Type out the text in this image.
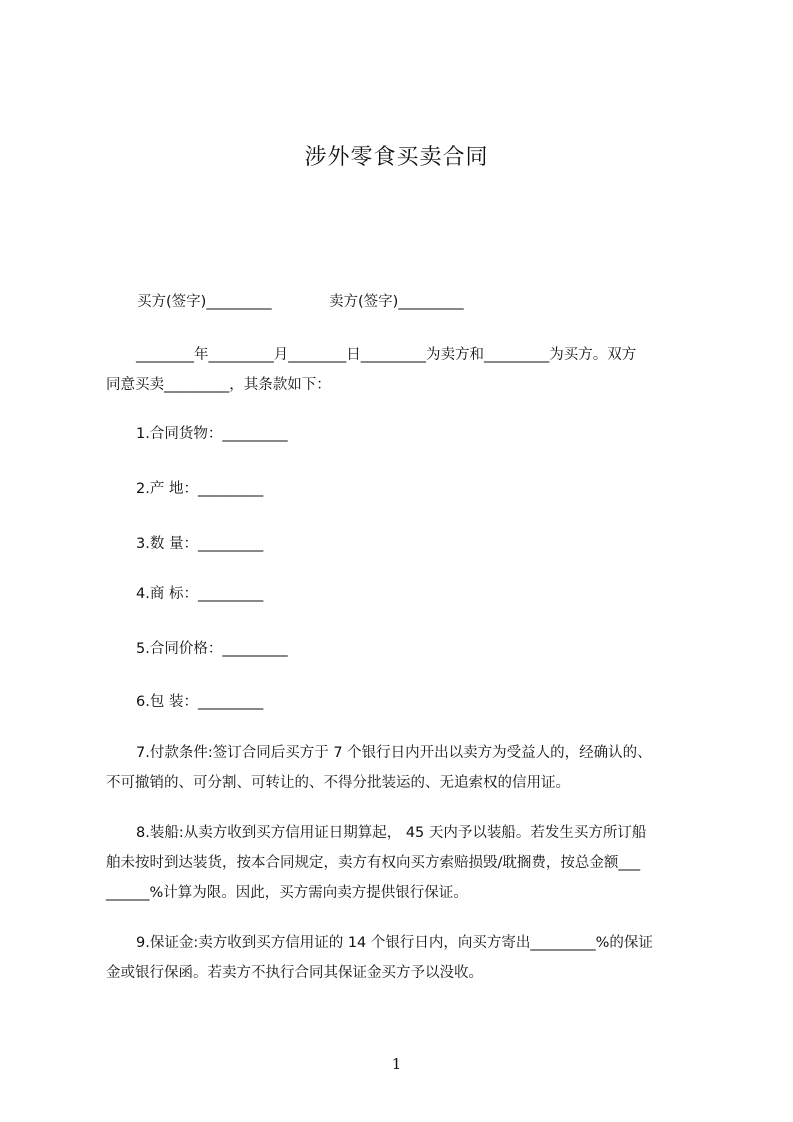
涉外零食买卖合同
买方(签字)_________	卖方(签字)_________
________年_________月________日_________为卖方和_________为买方。双方
同意买卖_________，其条款如下：
1.合同货物：_________
2.产 地：_________
3.数 量：_________
4.商 标：_________
5.合同价格：_________
6.包 装：_________
7.付款条件:签订合同后买方于 7 个银行日内开出以卖方为受益人的，经确认的、
不可撤销的、可分割、可转让的、不得分批装运的、无追索权的信用证。
8.装船:从卖方收到买方信用证日期算起， 45 天内予以装船。若发生买方所订船
舶未按时到达装货，按本合同规定，卖方有权向买方索赔损毁/耽搁费，按总金额___
______%计算为限。因此，买方需向卖方提供银行保证。
9.保证金:卖方收到买方信用证的 14 个银行日内，向买方寄出_________%的保证
金或银行保函。若卖方不执行合同其保证金买方予以没收。
1
